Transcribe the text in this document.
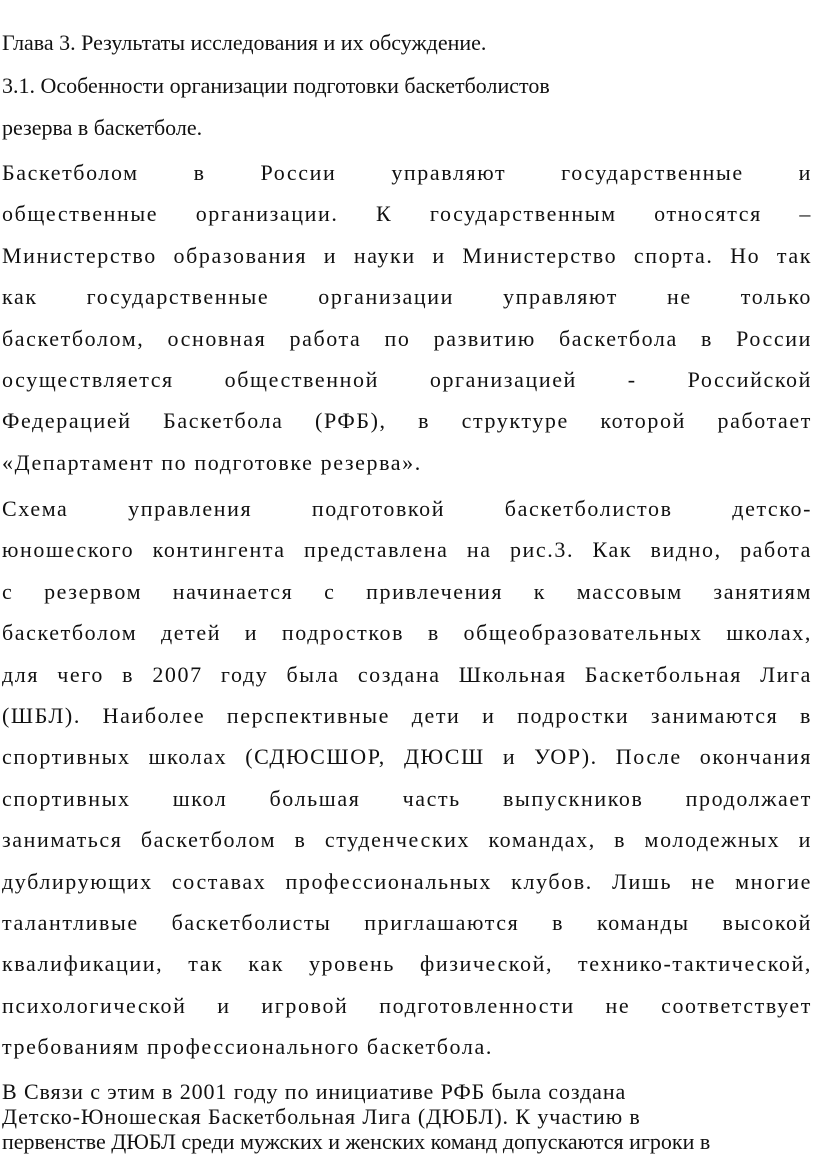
Глава 3. Результаты исследования и их обсуждение.
3.1. Особенности организации подготовки баскетболистов
резерва в баскетболе.
Баскетболом в России управляют государственные и
общественные организации. К государственным относятся –
Министерство образования и науки и Министерство спорта. Но так
как государственные организации управляют не только
баскетболом, основная работа по развитию баскетбола в России
осуществляется общественной организацией - Российской
Федерацией Баскетбола (РФБ), в структуре которой работает
«Департамент по подготовке резерва».
Схема управления подготовкой баскетболистов детско-
юношеского контингента представлена на рис.3. Как видно, работа
с резервом начинается с привлечения к массовым занятиям
баскетболом детей и подростков в общеобразовательных школах,
для чего в 2007 году была создана Школьная Баскетбольная Лига
(ШБЛ). Наиболее перспективные дети и подростки занимаются в
спортивных школах (СДЮСШОР, ДЮСШ и УОР). После окончания
спортивных школ большая часть выпускников продолжает
заниматься баскетболом в студенческих командах, в молодежных и
дублирующих составах профессиональных клубов. Лишь не многие
талантливые баскетболисты приглашаются в команды высокой
квалификации, так как уровень физической, технико-тактической,
психологической и игровой подготовленности не соответствует
требованиям профессионального баскетбола.
В Связи с этим в 2001 году по инициативе РФБ была создана
Детско-Юношеская Баскетбольная Лига (ДЮБЛ). К участию в
первенстве ДЮБЛ среди мужских и женских команд допускаются игроки в
